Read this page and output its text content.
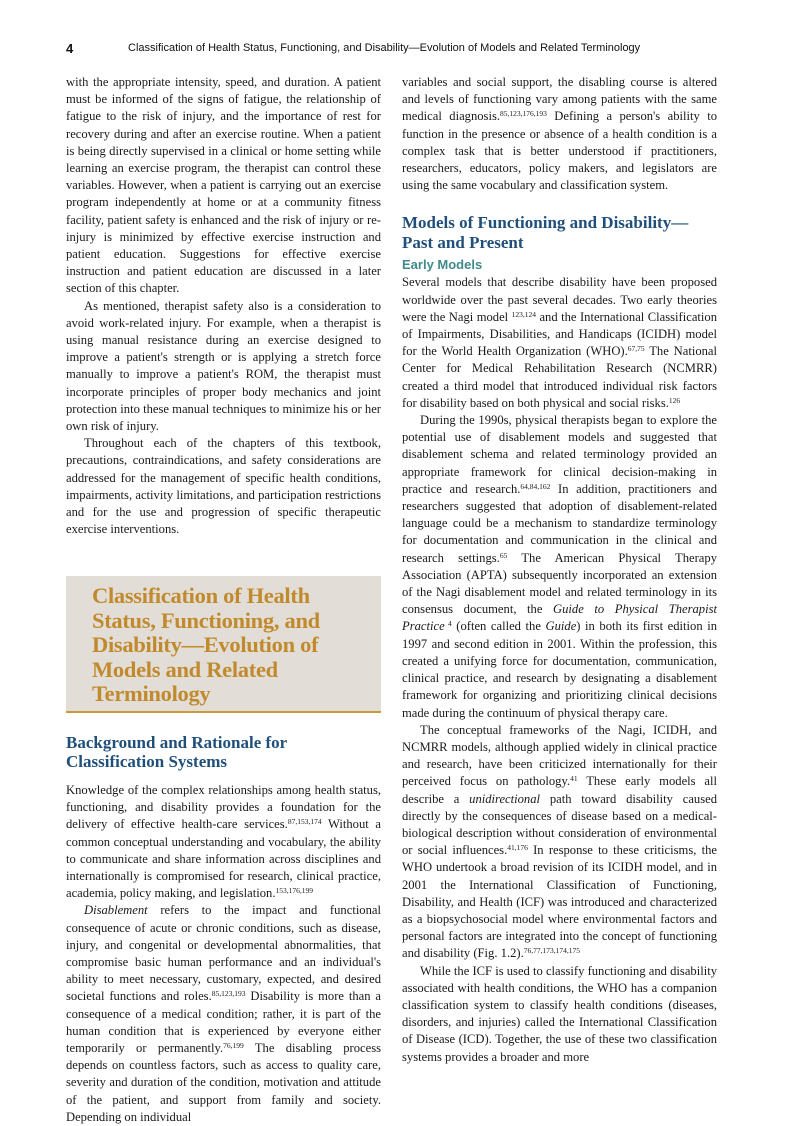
4	Classification of Health Status, Functioning, and Disability—Evolution of Models and Related Terminology

with the appropriate intensity, speed, and duration. A patient must be informed of the signs of fatigue, the relationship of fatigue to the risk of injury, and the importance of rest for recovery during and after an exercise routine. When a patient is being directly supervised in a clinical or home setting while learning an exercise program, the therapist can control these variables. However, when a patient is carrying out an exercise program independently at home or at a community fitness facility, patient safety is enhanced and the risk of injury or re-injury is minimized by effective exercise instruction and patient education. Suggestions for effective exercise instruction and patient education are discussed in a later section of this chapter.

As mentioned, therapist safety also is a consideration to avoid work-related injury. For example, when a therapist is using manual resistance during an exercise designed to improve a patient's strength or is applying a stretch force manually to improve a patient's ROM, the therapist must incorporate principles of proper body mechanics and joint protection into these manual techniques to minimize his or her own risk of injury.

Throughout each of the chapters of this textbook, precautions, contraindications, and safety considerations are addressed for the management of specific health conditions, impairments, activity limitations, and participation restrictions and for the use and progression of specific therapeutic exercise interventions.

Classification of Health Status, Functioning, and Disability—Evolution of Models and Related Terminology
Background and Rationale for Classification Systems

Knowledge of the complex relationships among health status, functioning, and disability provides a foundation for the delivery of effective health-care services.$^{87,153,174}$ Without a common conceptual understanding and vocabulary, the ability to communicate and share information across disciplines and internationally is compromised for research, clinical practice, academia, policy making, and legislation.$^{153,176,199}$

Disablement refers to the impact and functional consequence of acute or chronic conditions, such as disease, injury, and congenital or developmental abnormalities, that compromise basic human performance and an individual's ability to meet necessary, customary, expected, and desired societal functions and roles.$^{85,123,193}$ Disability is more than a consequence of a medical condition; rather, it is part of the human condition that is experienced by everyone either temporarily or permanently.$^{76,199}$ The disabling process depends on countless factors, such as access to quality care, severity and duration of the condition, motivation and attitude of the patient, and support from family and society. Depending on individual

variables and social support, the disabling course is altered and levels of functioning vary among patients with the same medical diagnosis.$^{85,123,176,193}$ Defining a person's ability to function in the presence or absence of a health condition is a complex task that is better understood if practitioners, researchers, educators, policy makers, and legislators are using the same vocabulary and classification system.

Models of Functioning and Disability—Past and Present
Early Models

Several models that describe disability have been proposed worldwide over the past several decades. Two early theories were the Nagi model $^{123,124}$ and the International Classification of Impairments, Disabilities, and Handicaps (ICIDH) model for the World Health Organization (WHO).$^{67,75}$ The National Center for Medical Rehabilitation Research (NCMRR) created a third model that introduced individual risk factors for disability based on both physical and social risks.$^{126}$

During the 1990s, physical therapists began to explore the potential use of disablement models and suggested that disablement schema and related terminology provided an appropriate framework for clinical decision-making in practice and research.$^{64,84,162}$ In addition, practitioners and researchers suggested that adoption of disablement-related language could be a mechanism to standardize terminology for documentation and communication in the clinical and research settings.$^{65}$ The American Physical Therapy Association (APTA) subsequently incorporated an extension of the Nagi disablement model and related terminology in its consensus document, the Guide to Physical Therapist Practice $^4$ (often called the Guide) in both its first edition in 1997 and second edition in 2001. Within the profession, this created a unifying force for documentation, communication, clinical practice, and research by designating a disablement framework for organizing and prioritizing clinical decisions made during the continuum of physical therapy care.

The conceptual frameworks of the Nagi, ICIDH, and NCMRR models, although applied widely in clinical practice and research, have been criticized internationally for their perceived focus on pathology.$^{41}$ These early models all describe a unidirectional path toward disability caused directly by the consequences of disease based on a medical-biological description without consideration of environmental or social influences.$^{41,176}$ In response to these criticisms, the WHO undertook a broad revision of its ICIDH model, and in 2001 the International Classification of Functioning, Disability, and Health (ICF) was introduced and characterized as a biopsychosocial model where environmental factors and personal factors are integrated into the concept of functioning and disability (Fig. 1.2).$^{76,77,173,174,175}$

While the ICF is used to classify functioning and disability associated with health conditions, the WHO has a companion classification system to classify health conditions (diseases, disorders, and injuries) called the International Classification of Disease (ICD). Together, the use of these two classification systems provides a broader and more
